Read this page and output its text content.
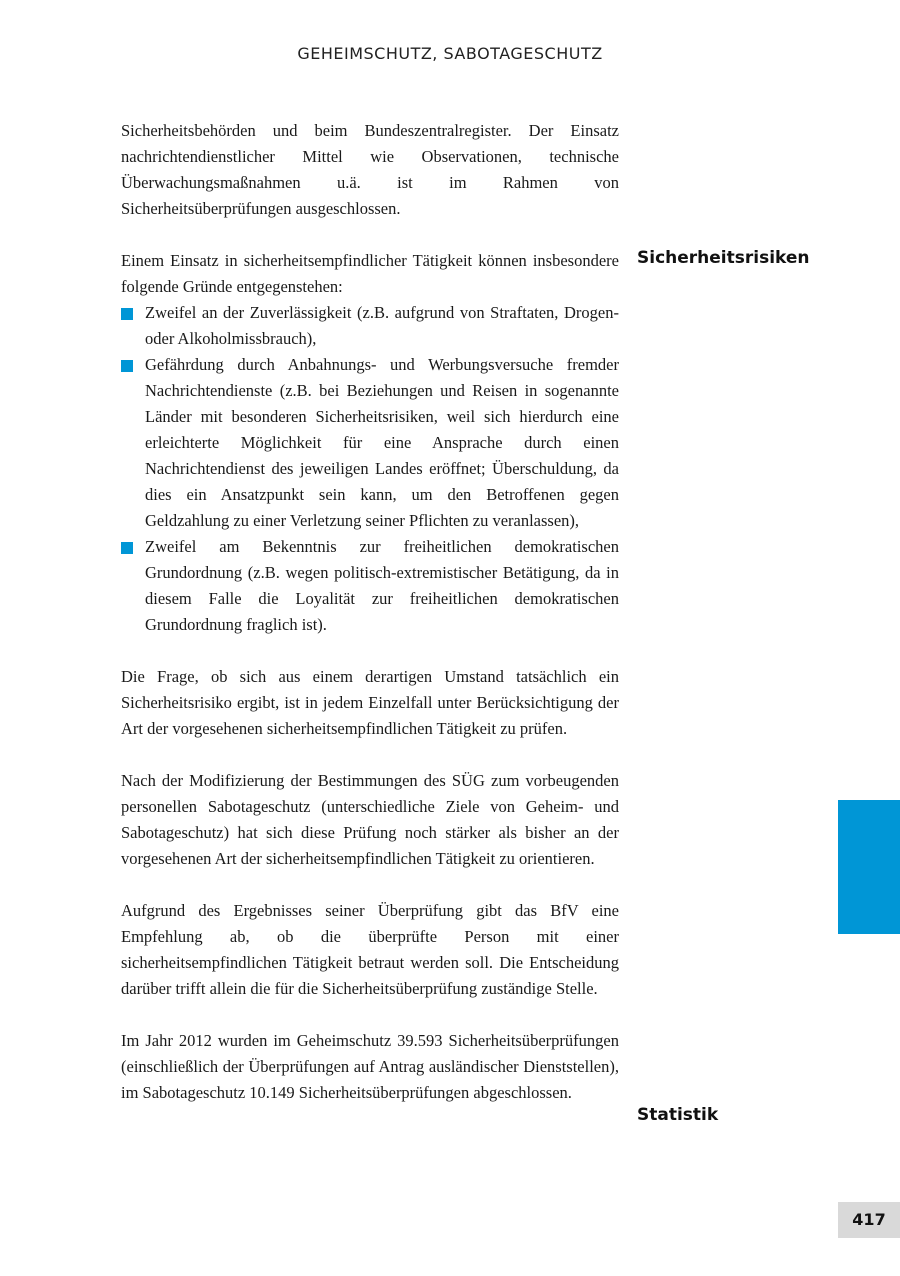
GEHEIMSCHUTZ, SABOTAGESCHUTZ

Sicherheitsbehörden und beim Bundeszentralregister. Der Einsatz nachrichtendienstlicher Mittel wie Observationen, technische Überwachungsmaßnahmen u.ä. ist im Rahmen von Sicherheitsüberprüfungen ausgeschlossen.

Einem Einsatz in sicherheitsempfindlicher Tätigkeit können insbesondere folgende Gründe entgegenstehen:

Zweifel an der Zuverlässigkeit (z.B. aufgrund von Straftaten, Drogen- oder Alkoholmissbrauch),
Gefährdung durch Anbahnungs- und Werbungsversuche fremder Nachrichtendienste (z.B. bei Beziehungen und Reisen in sogenannte Länder mit besonderen Sicherheitsrisiken, weil sich hierdurch eine erleichterte Möglichkeit für eine Ansprache durch einen Nachrichtendienst des jeweiligen Landes eröffnet; Überschuldung, da dies ein Ansatzpunkt sein kann, um den Betroffenen gegen Geldzahlung zu einer Verletzung seiner Pflichten zu veranlassen),
Zweifel am Bekenntnis zur freiheitlichen demokratischen Grundordnung (z.B. wegen politisch-extremistischer Betätigung, da in diesem Falle die Loyalität zur freiheitlichen demokratischen Grundordnung fraglich ist).

Die Frage, ob sich aus einem derartigen Umstand tatsächlich ein Sicherheitsrisiko ergibt, ist in jedem Einzelfall unter Berücksichtigung der Art der vorgesehenen sicherheitsempfindlichen Tätigkeit zu prüfen.

Nach der Modifizierung der Bestimmungen des SÜG zum vorbeugenden personellen Sabotageschutz (unterschiedliche Ziele von Geheim- und Sabotageschutz) hat sich diese Prüfung noch stärker als bisher an der vorgesehenen Art der sicherheitsempfindlichen Tätigkeit zu orientieren.

Aufgrund des Ergebnisses seiner Überprüfung gibt das BfV eine Empfehlung ab, ob die überprüfte Person mit einer sicherheitsempfindlichen Tätigkeit betraut werden soll. Die Entscheidung darüber trifft allein die für die Sicherheitsüberprüfung zuständige Stelle.

Im Jahr 2012 wurden im Geheimschutz 39.593 Sicherheitsüberprüfungen (einschließlich der Überprüfungen auf Antrag ausländischer Dienststellen), im Sabotageschutz 10.149 Sicherheitsüberprüfungen abgeschlossen.

Sicherheitsrisiken
Statistik
417
